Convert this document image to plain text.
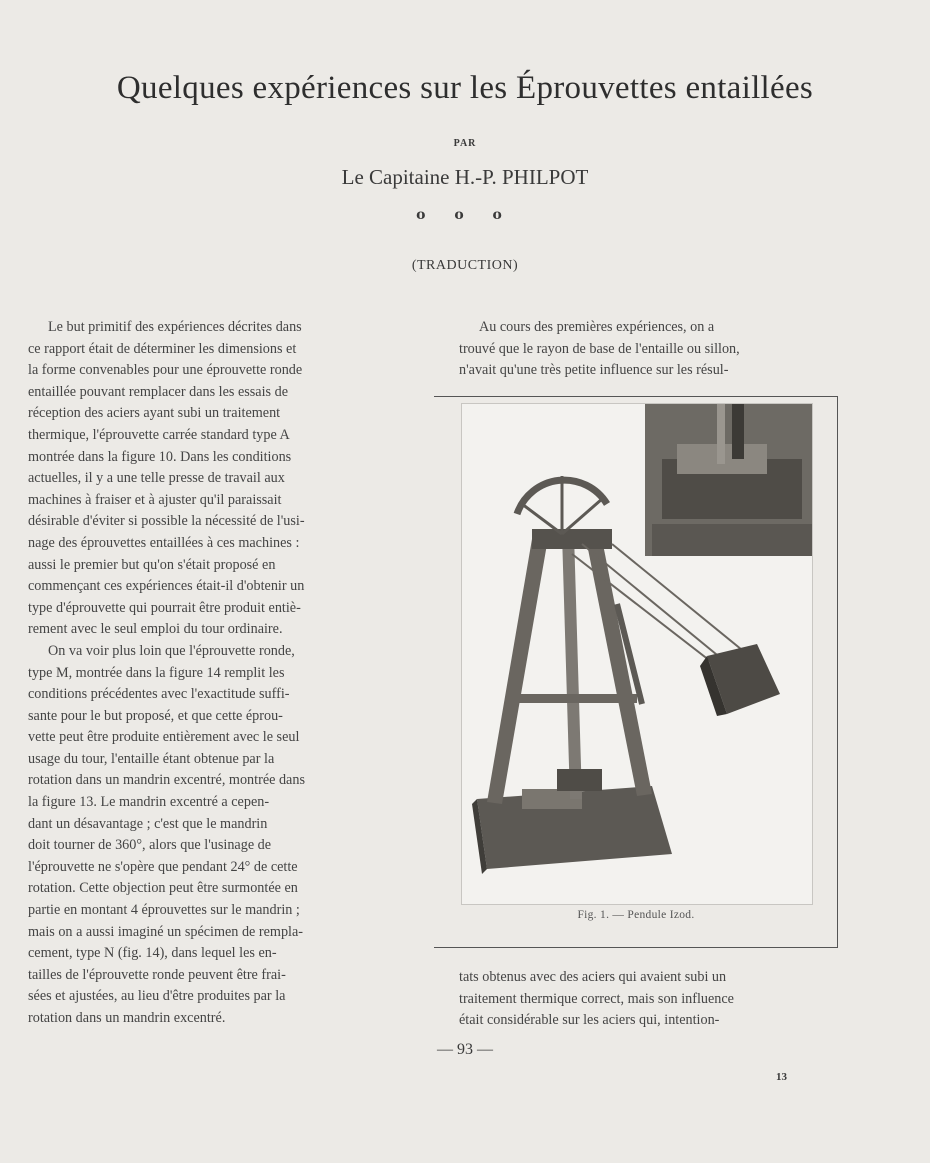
Quelques expériences sur les Éprouvettes entaillées
PAR
Le Capitaine H.-P. PHILPOT
o o o
(TRADUCTION)

Le but primitif des expériences décrites dans
ce rapport était de déterminer les dimensions et
la forme convenables pour une éprouvette ronde
entaillée pouvant remplacer dans les essais de
réception des aciers ayant subi un traitement
thermique, l'éprouvette carrée standard type A
montrée dans la figure 10. Dans les conditions
actuelles, il y a une telle presse de travail aux
machines à fraiser et à ajuster qu'il paraissait
désirable d'éviter si possible la nécessité de l'usi-
nage des éprouvettes entaillées à ces machines :
aussi le premier but qu'on s'était proposé en
commençant ces expériences était-il d'obtenir un
type d'éprouvette qui pourrait être produit entiè-
rement avec le seul emploi du tour ordinaire.

On va voir plus loin que l'éprouvette ronde,
type M, montrée dans la figure 14 remplit les
conditions précédentes avec l'exactitude suffi-
sante pour le but proposé, et que cette éprou-
vette peut être produite entièrement avec le seul
usage du tour, l'entaille étant obtenue par la
rotation dans un mandrin excentré, montrée dans
la figure 13. Le mandrin excentré a cepen-
dant un désavantage ; c'est que le mandrin
doit tourner de 360°, alors que l'usinage de
l'éprouvette ne s'opère que pendant 24° de cette
rotation. Cette objection peut être surmontée en
partie en montant 4 éprouvettes sur le mandrin ;
mais on a aussi imaginé un spécimen de rempla-
cement, type N (fig. 14), dans lequel les en-
tailles de l'éprouvette ronde peuvent être frai-
sées et ajustées, au lieu d'être produites par la
rotation dans un mandrin excentré.

Au cours des premières expériences, on a
trouvé que le rayon de base de l'entaille ou sillon,
n'avait qu'une très petite influence sur les résul-

Fig. 1. — Pendule Izod.

tats obtenus avec des aciers qui avaient subi un
traitement thermique correct, mais son influence
était considérable sur les aciers qui, intention-

— 93 —
13
